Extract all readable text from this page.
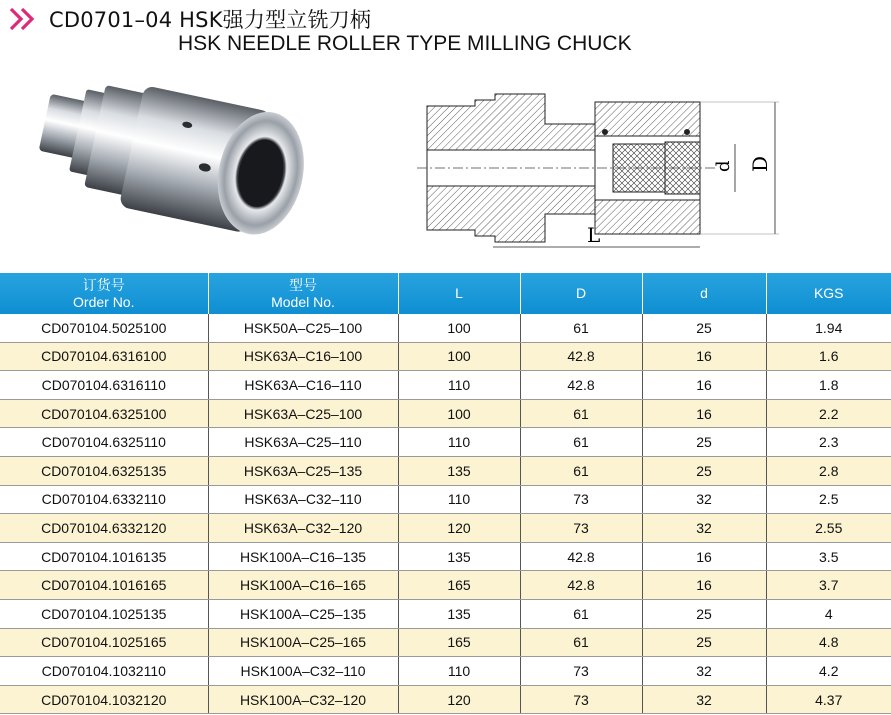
CD0701–04 HSK强力型立铣刀柄
HSK NEEDLE ROLLER TYPE MILLING CHUCK
d D
L
订货号
Order No.	型号
Model No.	L	D	d	KGS
CD070104.5025100	HSK50A–C25–100	100	61	25	1.94
CD070104.6316100	HSK63A–C16–100	100	42.8	16	1.6
CD070104.6316110	HSK63A–C16–110	110	42.8	16	1.8
CD070104.6325100	HSK63A–C25–100	100	61	16	2.2
CD070104.6325110	HSK63A–C25–110	110	61	25	2.3
CD070104.6325135	HSK63A–C25–135	135	61	25	2.8
CD070104.6332110	HSK63A–C32–110	110	73	32	2.5
CD070104.6332120	HSK63A–C32–120	120	73	32	2.55
CD070104.1016135	HSK100A–C16–135	135	42.8	16	3.5
CD070104.1016165	HSK100A–C16–165	165	42.8	16	3.7
CD070104.1025135	HSK100A–C25–135	135	61	25	4
CD070104.1025165	HSK100A–C25–165	165	61	25	4.8
CD070104.1032110	HSK100A–C32–110	110	73	32	4.2
CD070104.1032120	HSK100A–C32–120	120	73	32	4.37
